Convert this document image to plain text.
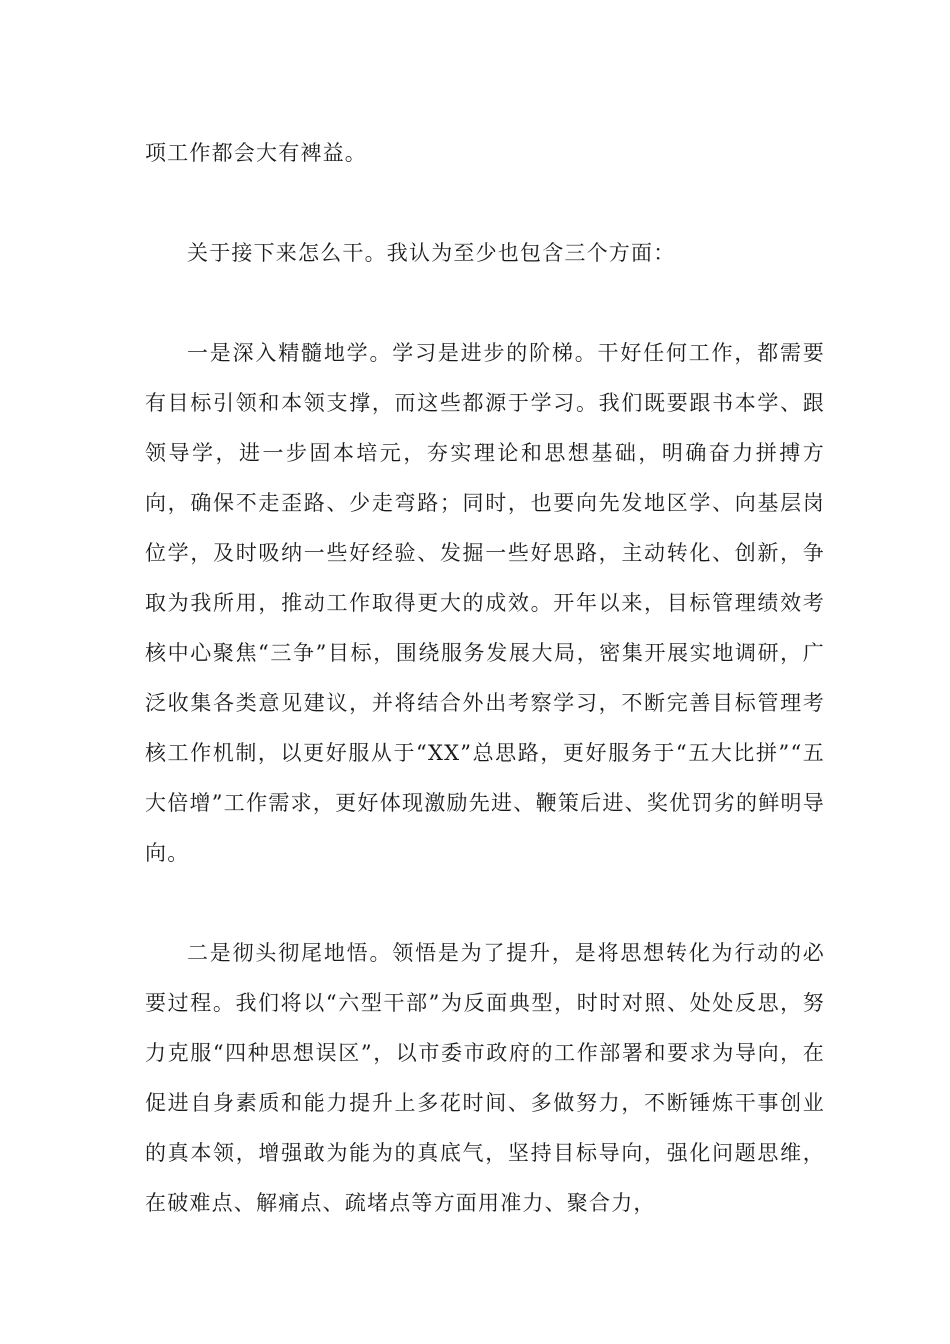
项工作都会大有裨益。

关于接下来怎么干。我认为至少也包含三个方面：

一是深入精髓地学。学习是进步的阶梯。干好任何工作，都需要有目标引领和本领支撑，而这些都源于学习。我们既要跟书本学、跟领导学，进一步固本培元，夯实理论和思想基础，明确奋力拼搏方向，确保不走歪路、少走弯路；同时，也要向先发地区学、向基层岗位学，及时吸纳一些好经验、发掘一些好思路，主动转化、创新，争取为我所用，推动工作取得更大的成效。开年以来，目标管理绩效考核中心聚焦“三争”目标，围绕服务发展大局，密集开展实地调研，广泛收集各类意见建议，并将结合外出考察学习，不断完善目标管理考核工作机制，以更好服从于“XX”总思路，更好服务于“五大比拼”“五大倍增”工作需求，更好体现激励先进、鞭策后进、奖优罚劣的鲜明导向。

二是彻头彻尾地悟。领悟是为了提升，是将思想转化为行动的必要过程。我们将以“六型干部”为反面典型，时时对照、处处反思，努力克服“四种思想误区”，以市委市政府的工作部署和要求为导向，在促进自身素质和能力提升上多花时间、多做努力，不断锤炼干事创业的真本领，增强敢为能为的真底气，坚持目标导向，强化问题思维，在破难点、解痛点、疏堵点等方面用准力、聚合力，
